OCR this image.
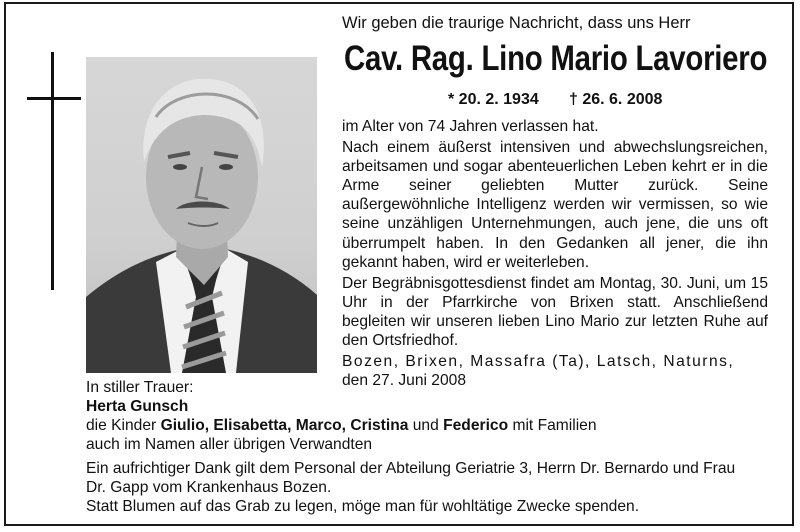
Wir geben die traurige Nachricht, dass uns Herr
Cav. Rag. Lino Mario Lavoriero
* 20. 2. 1934 † 26. 6. 2008

im Alter von 74 Jahren verlassen hat.

Nach einem äußerst intensiven und abwechslungsreichen, arbeitsamen und sogar abenteuerlichen Leben kehrt er in die Arme seiner geliebten Mutter zurück. Seine außergewöhnliche Intelligenz werden wir vermissen, so wie seine unzähligen Unternehmungen, auch jene, die uns oft überrumpelt haben. In den Gedanken all jener, die ihn gekannt haben, wird er weiterleben.

Der Begräbnisgottesdienst findet am Montag, 30. Juni, um 15 Uhr in der Pfarrkirche von Brixen statt. Anschließend begleiten wir unseren lieben Lino Mario zur letzten Ruhe auf den Ortsfriedhof.

Bozen, Brixen, Massafra (Ta), Latsch, Naturns,

den 27. Juni 2008

In stiller Trauer:
Herta Gunsch
die Kinder Giulio, Elisabetta, Marco, Cristina und Federico mit Familien
auch im Namen aller übrigen Verwandten
Ein aufrichtiger Dank gilt dem Personal der Abteilung Geriatrie 3, Herrn Dr. Bernardo und Frau
Dr. Gapp vom Krankenhaus Bozen.
Statt Blumen auf das Grab zu legen, möge man für wohltätige Zwecke spenden.
